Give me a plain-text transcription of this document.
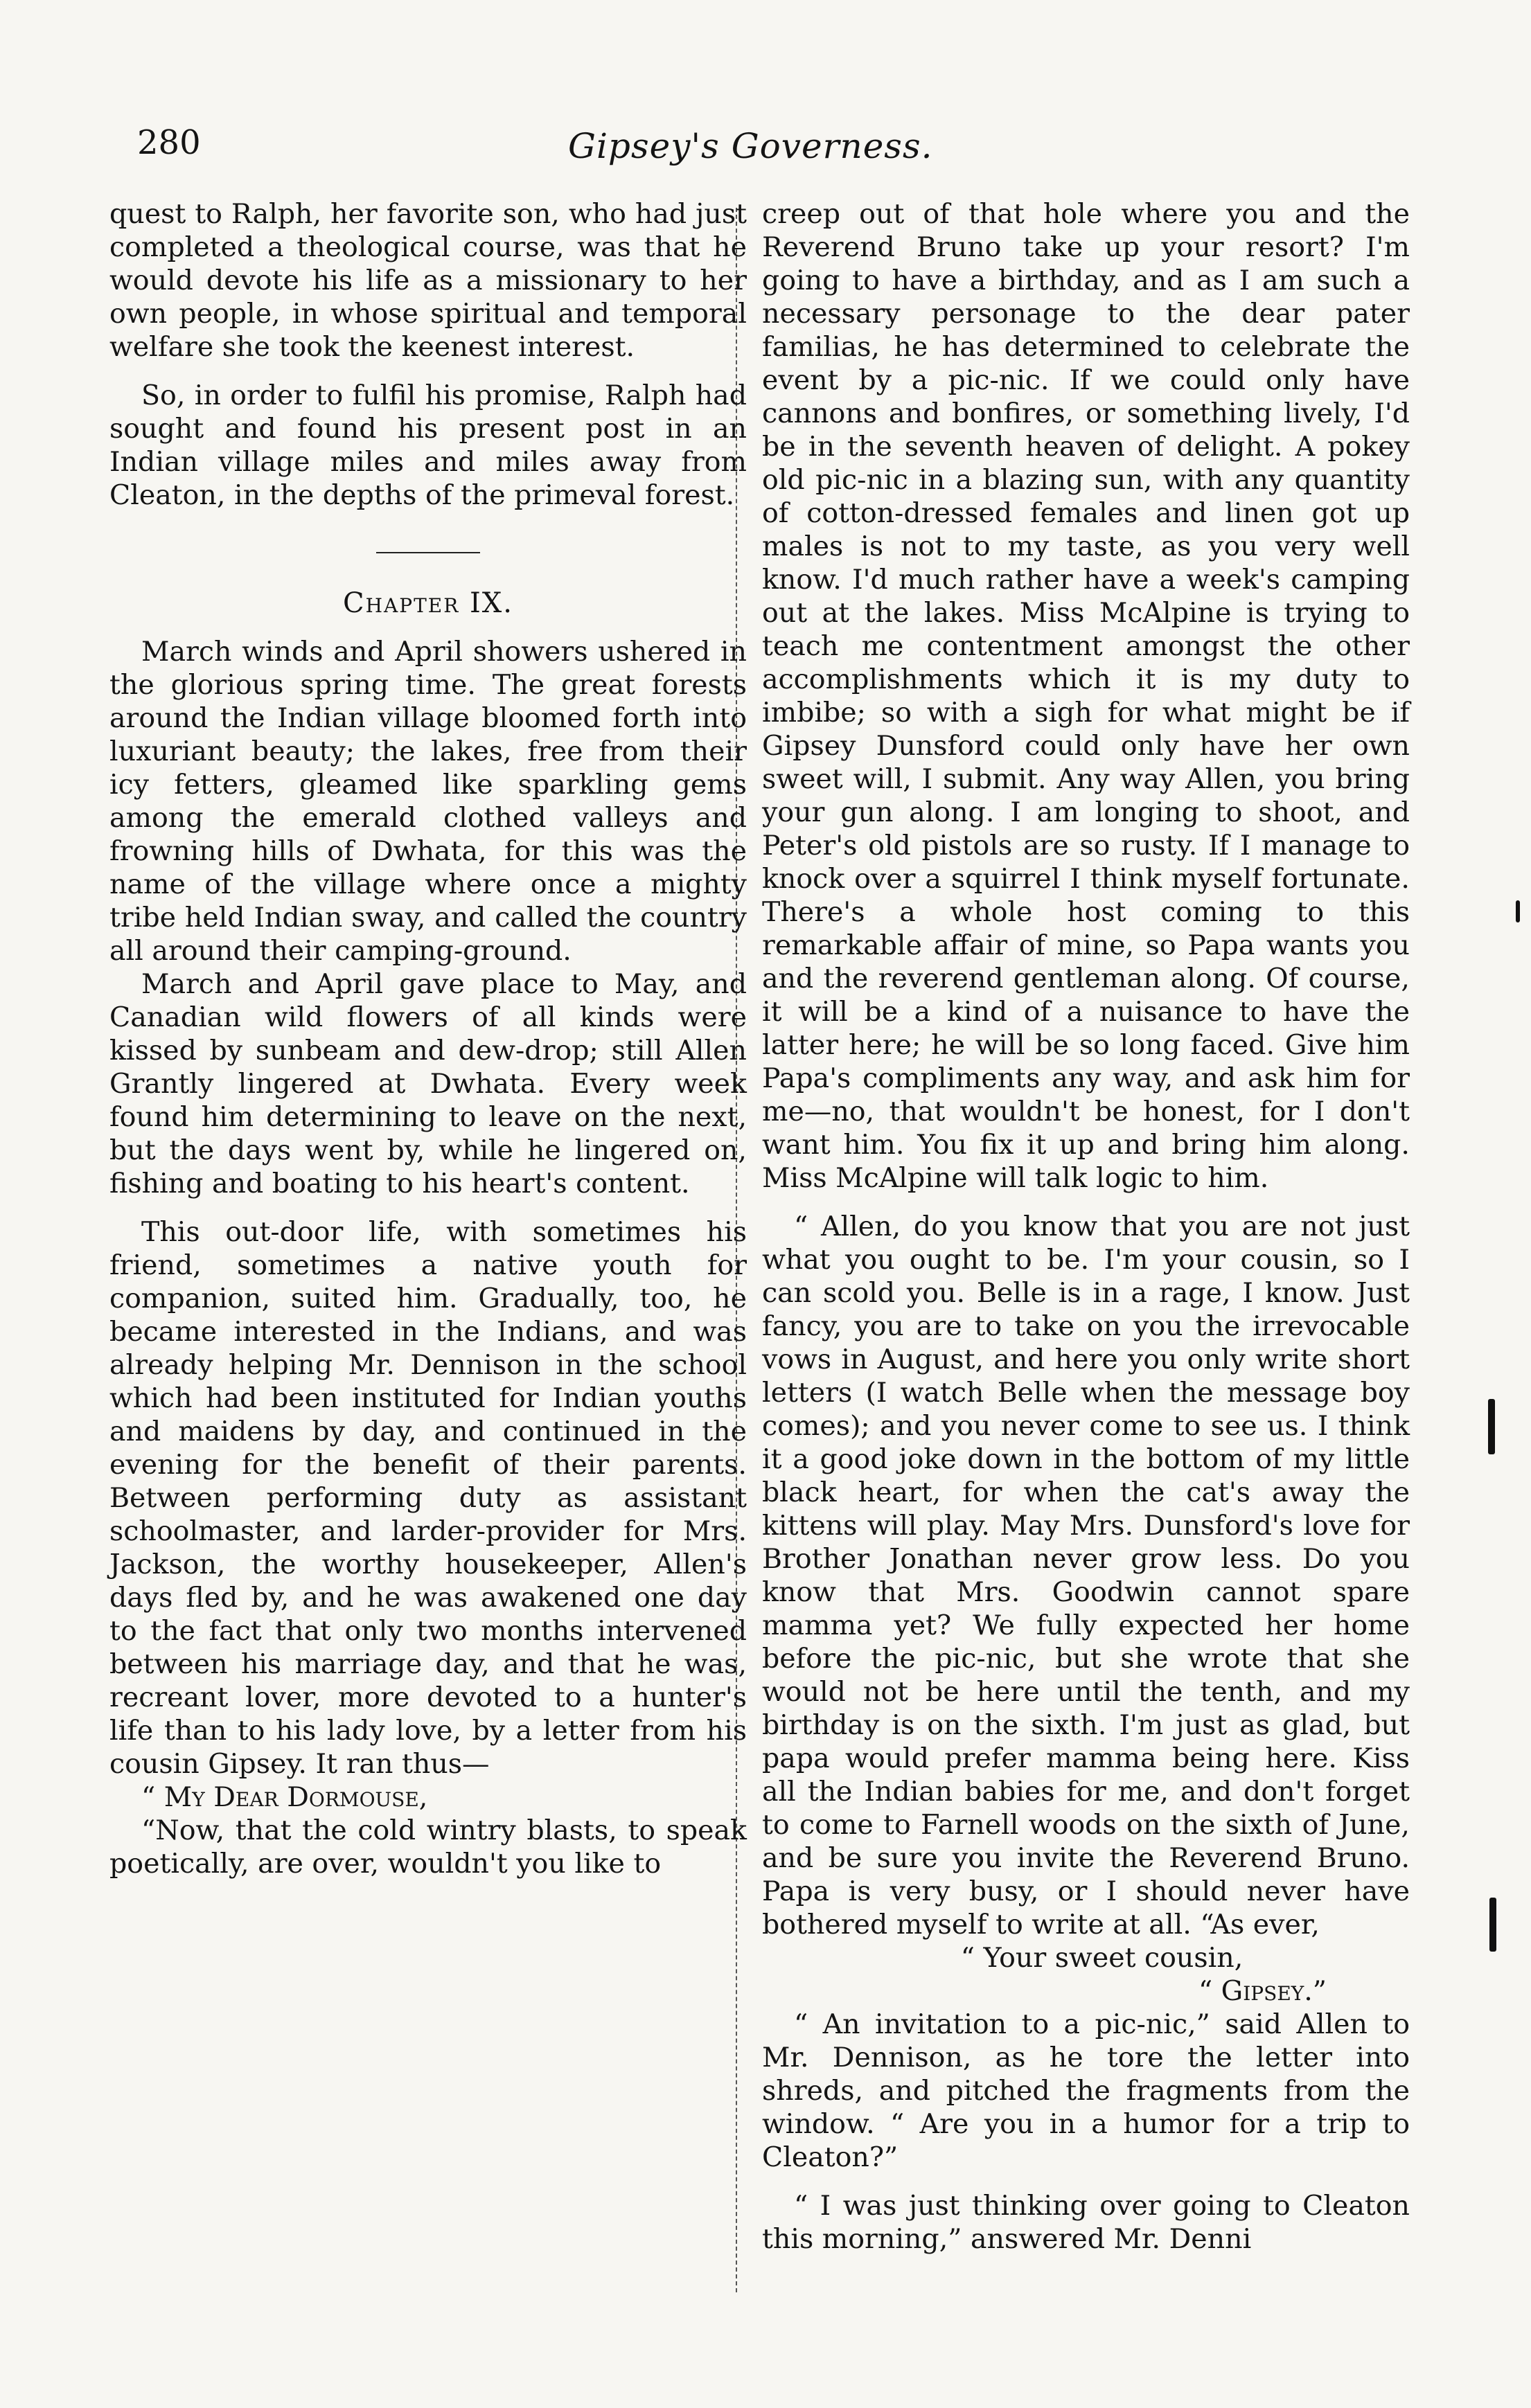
280	Gipsey's Governess.

quest to Ralph, her favorite son, who had just completed a theological course, was that he would devote his life as a missionary to her own people, in whose spiritual and temporal welfare she took the keenest interest.

So, in order to fulfil his promise, Ralph had sought and found his present post in an Indian village miles and miles away from Cleaton, in the depths of the primeval forest.

Chapter IX.

March winds and April showers ushered in the glorious spring time. The great forests around the Indian village bloomed forth into luxuriant beauty; the lakes, free from their icy fetters, gleamed like sparkling gems among the emerald clothed valleys and frowning hills of Dwhata, for this was the name of the village where once a mighty tribe held Indian sway, and called the country all around their camping-ground.

March and April gave place to May, and Canadian wild flowers of all kinds were kissed by sunbeam and dew-drop; still Allen Grantly lingered at Dwhata. Every week found him determining to leave on the next, but the days went by, while he lingered on, fishing and boating to his heart's content.

This out-door life, with sometimes his friend, sometimes a native youth for companion, suited him. Gradually, too, he became interested in the Indians, and was already helping Mr. Dennison in the school which had been instituted for Indian youths and maidens by day, and continued in the evening for the benefit of their parents. Between performing duty as assistant schoolmaster, and larder-provider for Mrs. Jackson, the worthy housekeeper, Allen's days fled by, and he was awakened one day to the fact that only two months intervened between his marriage day, and that he was, recreant lover, more devoted to a hunter's life than to his lady love, by a letter from his cousin Gipsey. It ran thus—

“ My Dear Dormouse,

“Now, that the cold wintry blasts, to speak poetically, are over, wouldn't you like to

creep out of that hole where you and the Reverend Bruno take up your resort? I'm going to have a birthday, and as I am such a necessary personage to the dear pater familias, he has determined to celebrate the event by a pic-nic. If we could only have cannons and bonfires, or something lively, I'd be in the seventh heaven of delight. A pokey old pic-nic in a blazing sun, with any quantity of cotton-dressed females and linen got up males is not to my taste, as you very well know. I'd much rather have a week's camping out at the lakes. Miss McAlpine is trying to teach me contentment amongst the other accomplishments which it is my duty to imbibe; so with a sigh for what might be if Gipsey Dunsford could only have her own sweet will, I submit. Any way Allen, you bring your gun along. I am longing to shoot, and Peter's old pistols are so rusty. If I manage to knock over a squirrel I think myself fortunate. There's a whole host coming to this remarkable affair of mine, so Papa wants you and the reverend gentleman along. Of course, it will be a kind of a nuisance to have the latter here; he will be so long faced. Give him Papa's compliments any way, and ask him for me—no, that wouldn't be honest, for I don't want him. You fix it up and bring him along. Miss McAlpine will talk logic to him.

“ Allen, do you know that you are not just what you ought to be. I'm your cousin, so I can scold you. Belle is in a rage, I know. Just fancy, you are to take on you the irrevocable vows in August, and here you only write short letters (I watch Belle when the message boy comes); and you never come to see us. I think it a good joke down in the bottom of my little black heart, for when the cat's away the kittens will play. May Mrs. Dunsford's love for Brother Jonathan never grow less. Do you know that Mrs. Goodwin cannot spare mamma yet? We fully expected her home before the pic-nic, but she wrote that she would not be here until the tenth, and my birthday is on the sixth. I'm just as glad, but papa would prefer mamma being here. Kiss all the Indian babies for me, and don't forget to come to Farnell woods on the sixth of June, and be sure you invite the Reverend Bruno. Papa is very busy, or I should never have bothered myself to write at all. “As ever,

“ Your sweet cousin,

“ Gipsey.”

“ An invitation to a pic-nic,” said Allen to Mr. Dennison, as he tore the letter into shreds, and pitched the fragments from the window. “ Are you in a humor for a trip to Cleaton?”

“ I was just thinking over going to Cleaton this morning,” answered Mr. Denni
